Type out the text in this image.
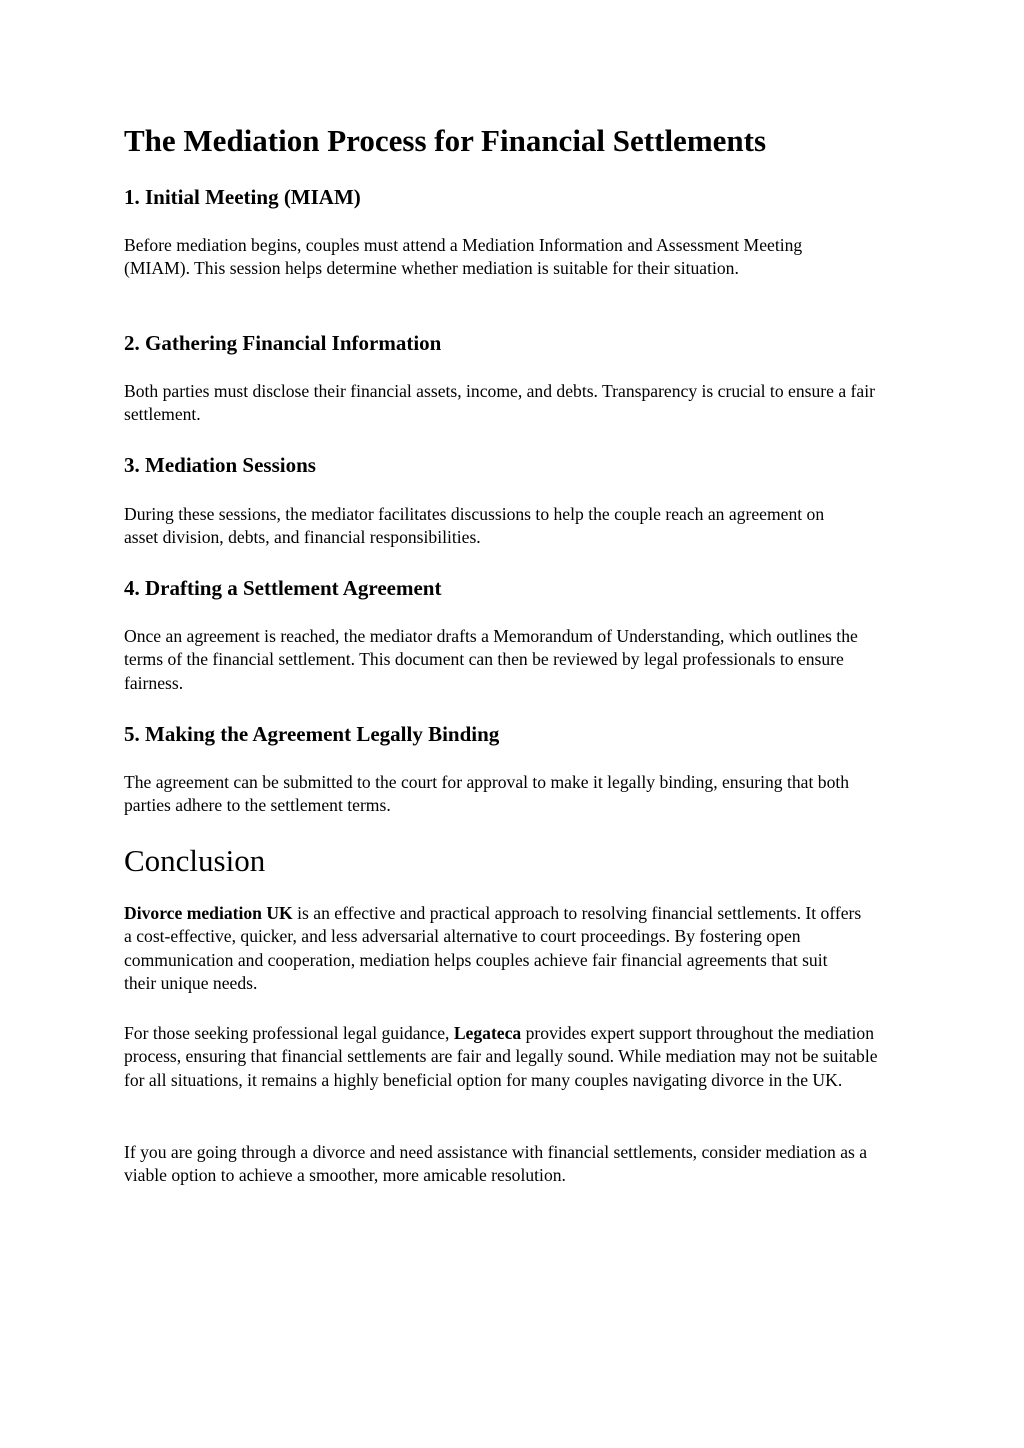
The Mediation Process for Financial Settlements
1. Initial Meeting (MIAM)

Before mediation begins, couples must attend a Mediation Information and Assessment Meeting (MIAM). This session helps determine whether mediation is suitable for their situation.

2. Gathering Financial Information

Both parties must disclose their financial assets, income, and debts. Transparency is crucial to ensure a fair settlement.

3. Mediation Sessions

During these sessions, the mediator facilitates discussions to help the couple reach an agreement on asset division, debts, and financial responsibilities.

4. Drafting a Settlement Agreement

Once an agreement is reached, the mediator drafts a Memorandum of Understanding, which outlines the terms of the financial settlement. This document can then be reviewed by legal professionals to ensure fairness.

5. Making the Agreement Legally Binding

The agreement can be submitted to the court for approval to make it legally binding, ensuring that both parties adhere to the settlement terms.

Conclusion

Divorce mediation UK is an effective and practical approach to resolving financial settlements. It offers a cost-effective, quicker, and less adversarial alternative to court proceedings. By fostering open communication and cooperation, mediation helps couples achieve fair financial agreements that suit their unique needs.

For those seeking professional legal guidance, Legateca provides expert support throughout the mediation process, ensuring that financial settlements are fair and legally sound. While mediation may not be suitable for all situations, it remains a highly beneficial option for many couples navigating divorce in the UK.

If you are going through a divorce and need assistance with financial settlements, consider mediation as a viable option to achieve a smoother, more amicable resolution.
